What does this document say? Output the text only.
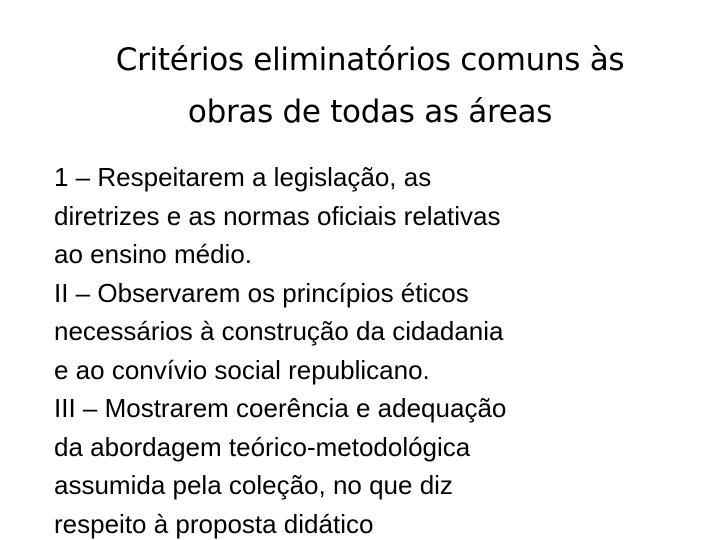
Critérios eliminatórios comuns às
obras de todas as áreas

1 – Respeitarem a legislação, as
diretrizes e as normas oficiais relativas
ao ensino médio.

II – Observarem os princípios éticos
necessários à construção da cidadania
e ao convívio social republicano.

III – Mostrarem coerência e adequação
da abordagem teórico-metodológica
assumida pela coleção, no que diz
respeito à proposta didático
